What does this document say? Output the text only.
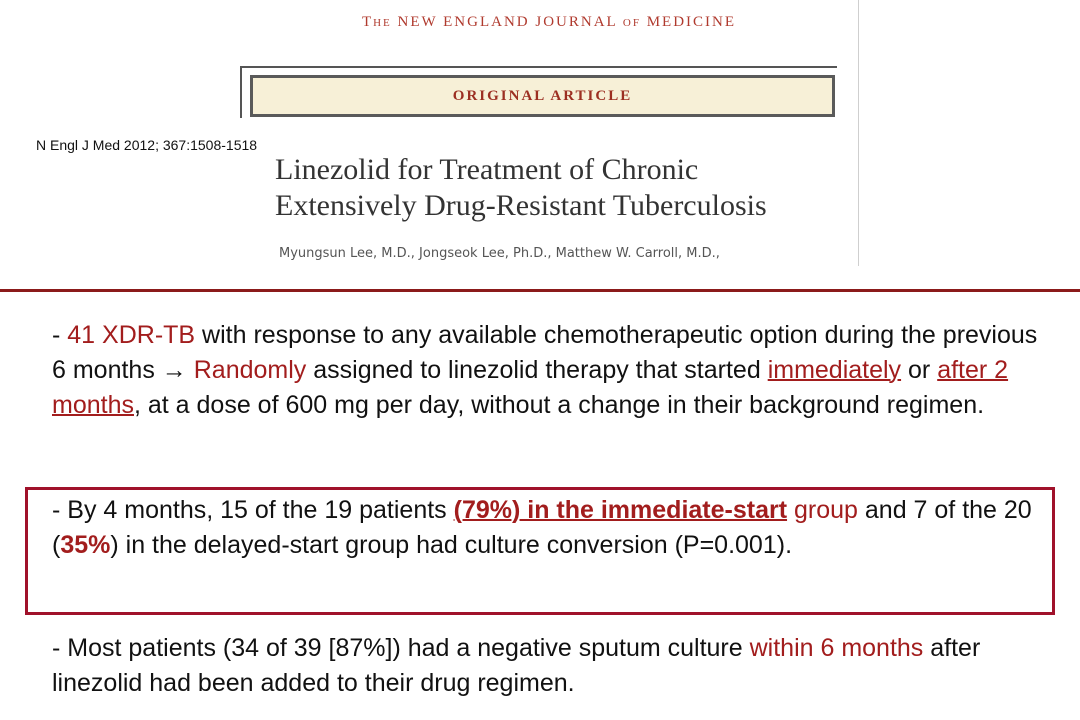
The NEW ENGLAND JOURNAL of MEDICINE
ORIGINAL ARTICLE
N Engl J Med 2012; 367:1508-1518
Linezolid for Treatment of Chronic
Extensively Drug-Resistant Tuberculosis
Myungsun Lee, M.D., Jongseok Lee, Ph.D., Matthew W. Carroll, M.D.,
- 41 XDR-TB with response to any available chemotherapeutic option during the previous 6 months → Randomly assigned to linezolid therapy that started immediately or after 2 months, at a dose of 600 mg per day, without a change in their background regimen.
- By 4 months, 15 of the 19 patients (79%) in the immediate-start group and 7 of the 20 (35%) in the delayed-start group had culture conversion (P=0.001).
- Most patients (34 of 39 [87%]) had a negative sputum culture within 6 months after linezolid had been added to their drug regimen.
